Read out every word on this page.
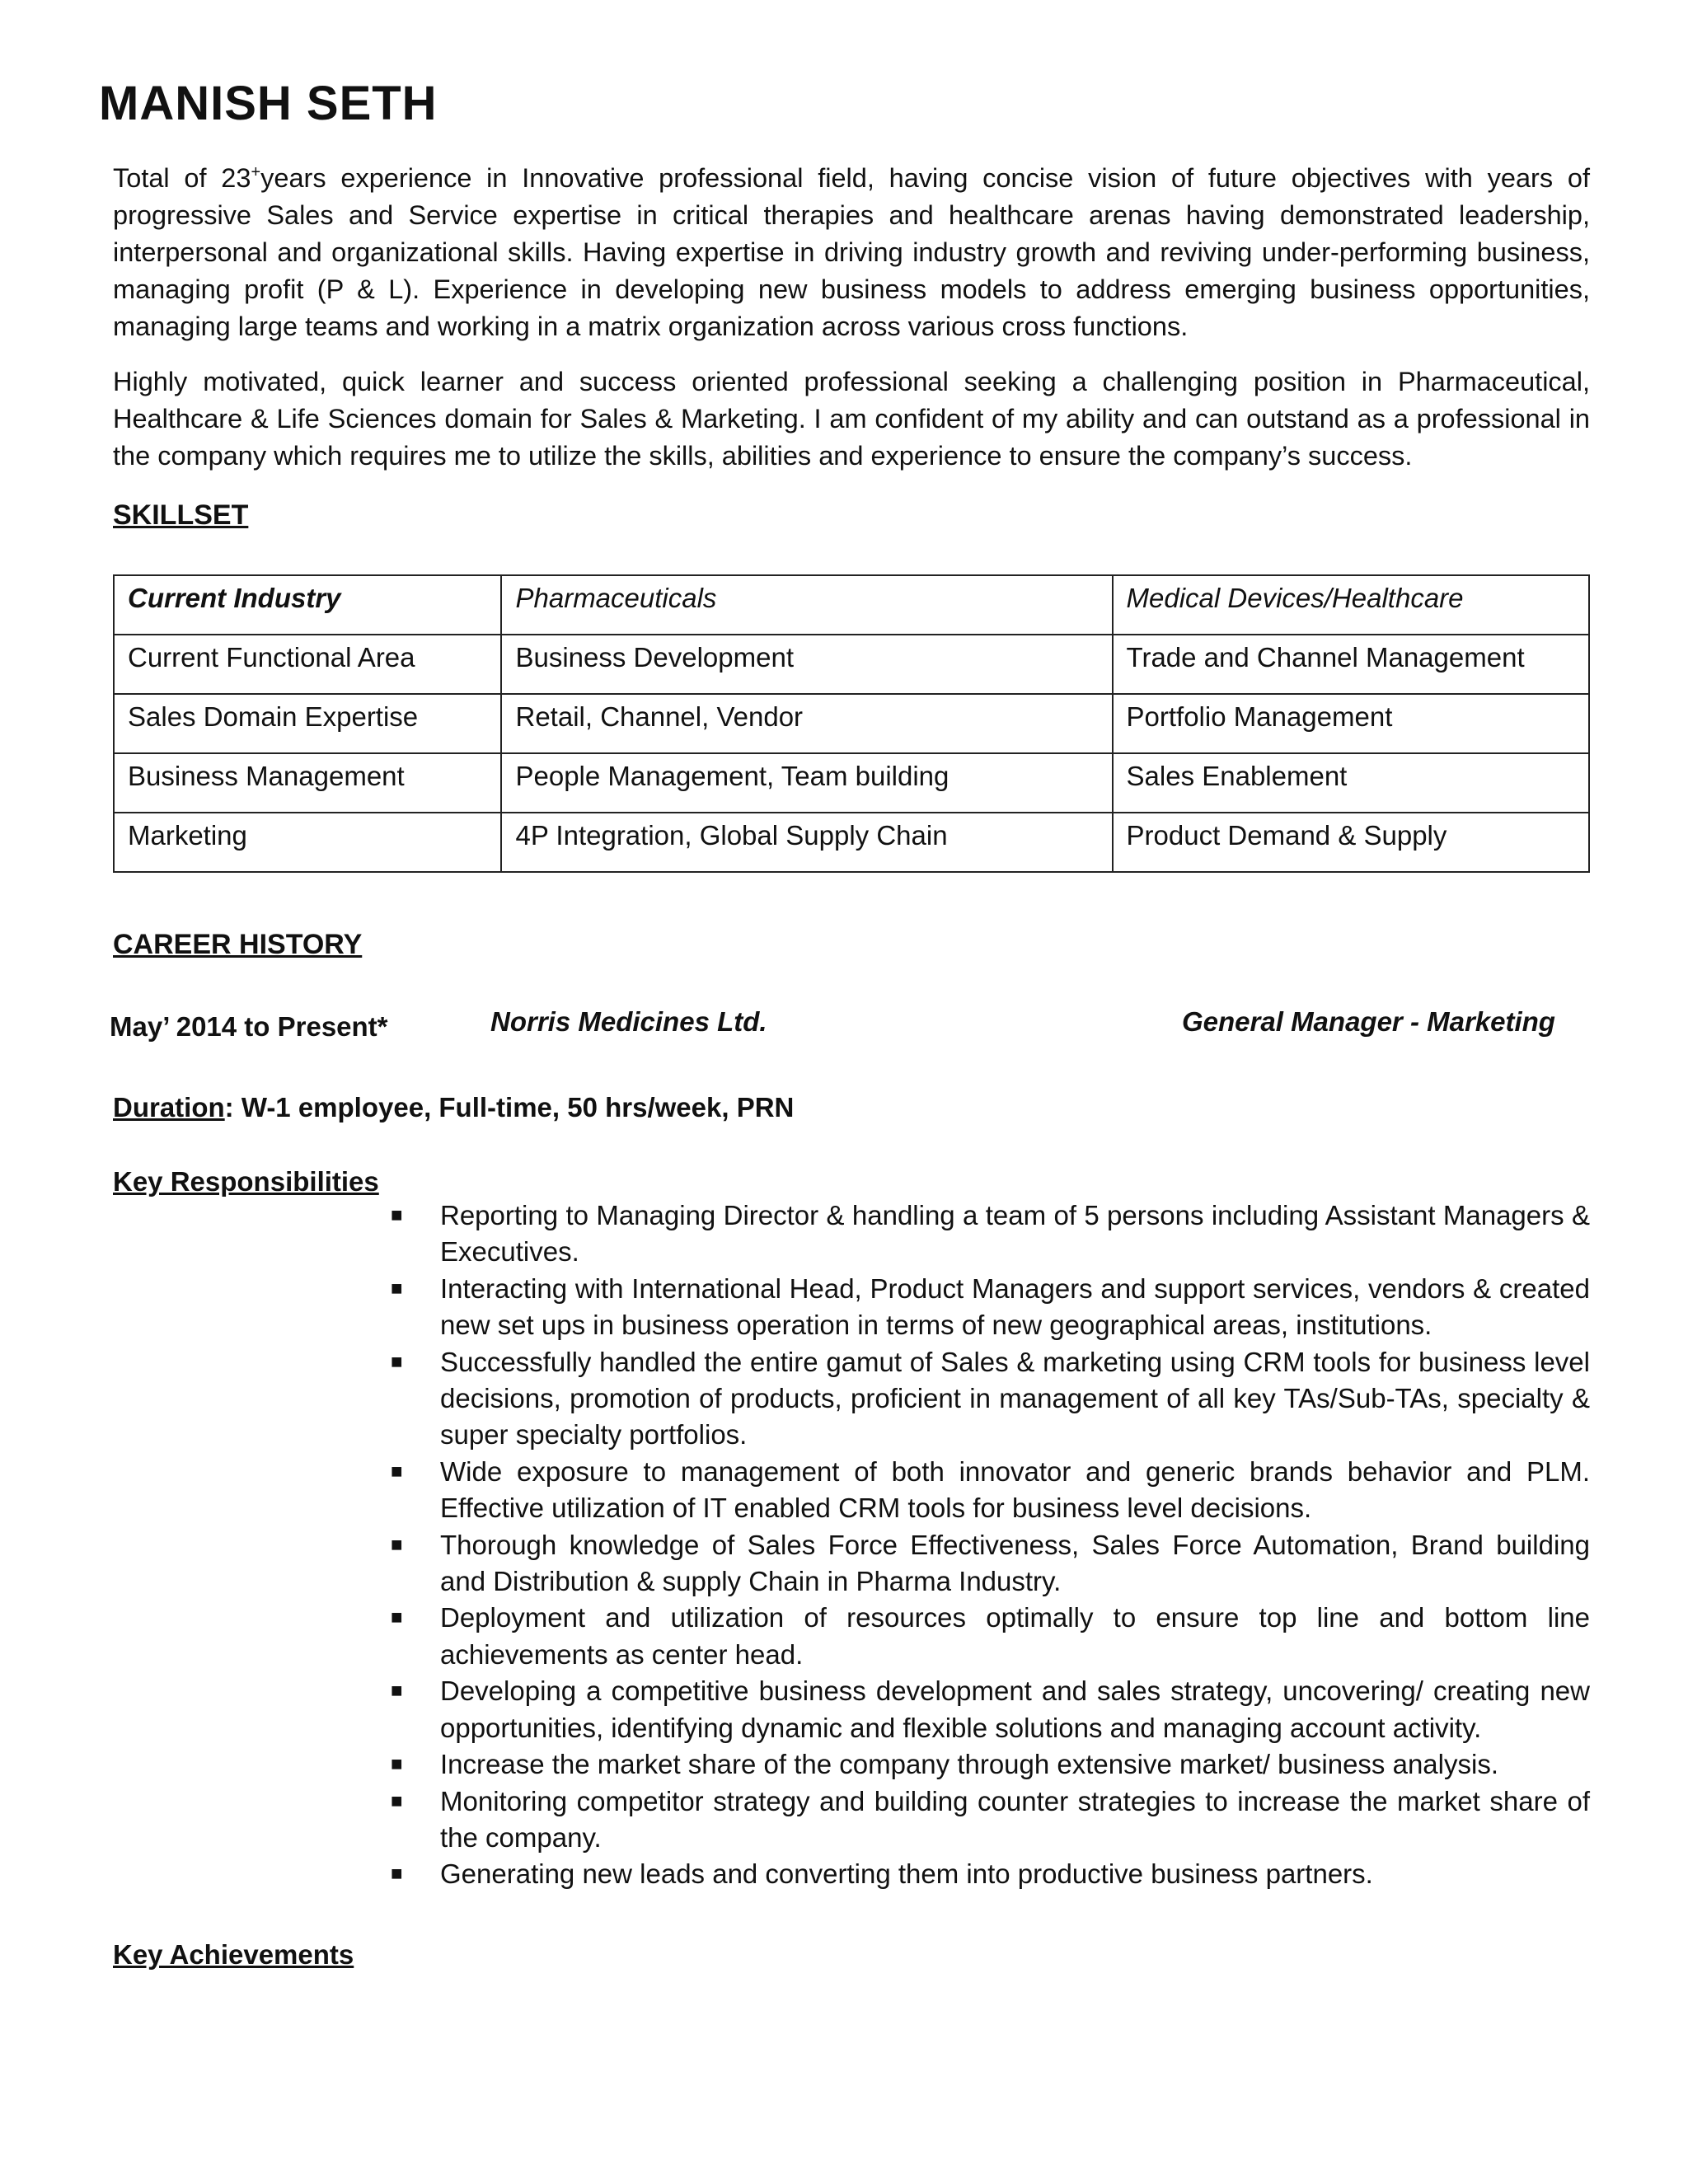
MANISH SETH

Total of 23+years experience in Innovative professional field, having concise vision of future objectives with years of progressive Sales and Service expertise in critical therapies and healthcare arenas having demonstrated leadership, interpersonal and organizational skills. Having expertise in driving industry growth and reviving under-performing business, managing profit (P & L). Experience in developing new business models to address emerging business opportunities, managing large teams and working in a matrix organization across various cross functions.

Highly motivated, quick learner and success oriented professional seeking a challenging position in Pharmaceutical, Healthcare & Life Sciences domain for Sales & Marketing. I am confident of my ability and can outstand as a professional in the company which requires me to utilize the skills, abilities and experience to ensure the company’s success.

SKILLSET
Current Industry	Pharmaceuticals	Medical Devices/Healthcare
Current Functional Area	Business Development	Trade and Channel Management
Sales Domain Expertise	Retail, Channel, Vendor	Portfolio Management
Business Management	People Management, Team building	Sales Enablement
Marketing	4P Integration, Global Supply Chain	Product Demand & Supply
CAREER HISTORY
May’ 2014 to Present*	Norris Medicines Ltd.	General Manager - Marketing
Duration: W-1 employee, Full-time, 50 hrs/week, PRN
Key Responsibilities
■ Reporting to Managing Director & handling a team of 5 persons including Assistant Managers & Executives.
■ Interacting with International Head, Product Managers and support services, vendors & created new set ups in business operation in terms of new geographical areas, institutions.
■ Successfully handled the entire gamut of Sales & marketing using CRM tools for business level decisions, promotion of products, proficient in management of all key TAs/Sub-TAs, specialty & super specialty portfolios.
■ Wide exposure to management of both innovator and generic brands behavior and PLM. Effective utilization of IT enabled CRM tools for business level decisions.
■ Thorough knowledge of Sales Force Effectiveness, Sales Force Automation, Brand building and Distribution & supply Chain in Pharma Industry.
■ Deployment and utilization of resources optimally to ensure top line and bottom line achievements as center head.
■ Developing a competitive business development and sales strategy, uncovering/ creating new opportunities, identifying dynamic and flexible solutions and managing account activity.
■ Increase the market share of the company through extensive market/ business analysis.
■ Monitoring competitor strategy and building counter strategies to increase the market share of the company.
■ Generating new leads and converting them into productive business partners.
Key Achievements
